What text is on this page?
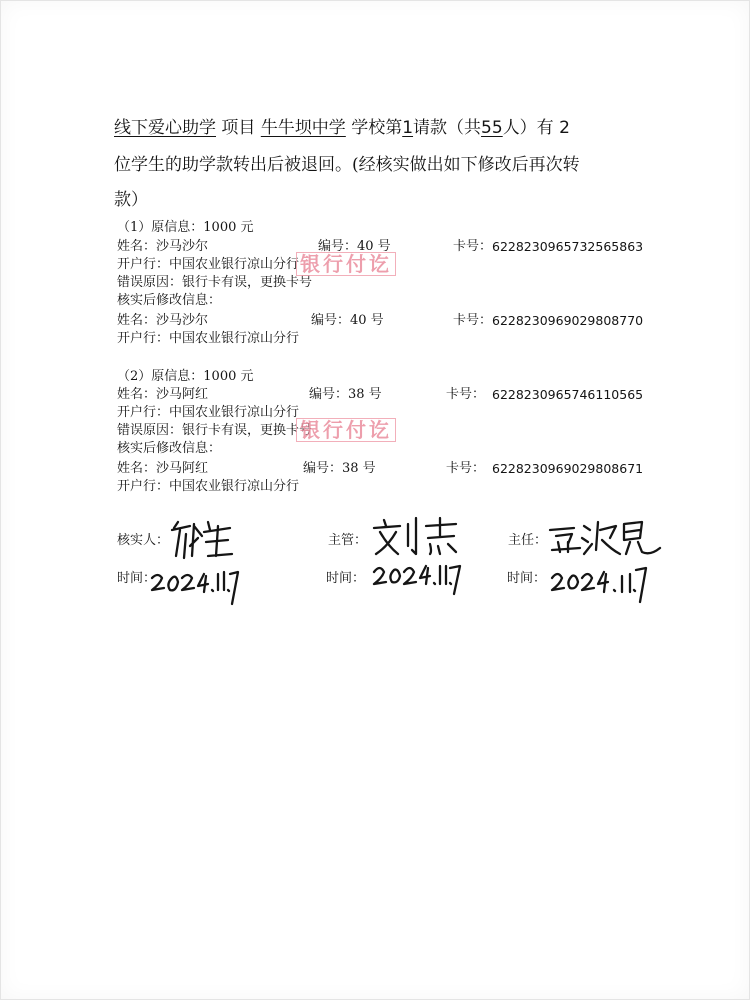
线下爱心助学 项目 牛牛坝中学 学校第1请款（共55人）有 2
位学生的助学款转出后被退回。(经核实做出如下修改后再次转
款）
（1）原信息：1000 元
姓名：沙马沙尔	编号：40 号	卡号： 6228230965732565863
开户行：中国农业银行凉山分行
错误原因：银行卡有误，更换卡号
核实后修改信息：
姓名：沙马沙尔	编号：40 号	卡号： 6228230969029808770
开户行：中国农业银行凉山分行
银行付讫
（2）原信息：1000 元
姓名：沙马阿红	编号：38 号	卡号： 6228230965746110565
开户行：中国农业银行凉山分行
错误原因：银行卡有误，更换卡号
核实后修改信息：
姓名：沙马阿红	编号：38 号	卡号： 6228230969029808671
开户行：中国农业银行凉山分行
银行付讫
核实人：	主管：	主任：
时间：	时间：	时间：
